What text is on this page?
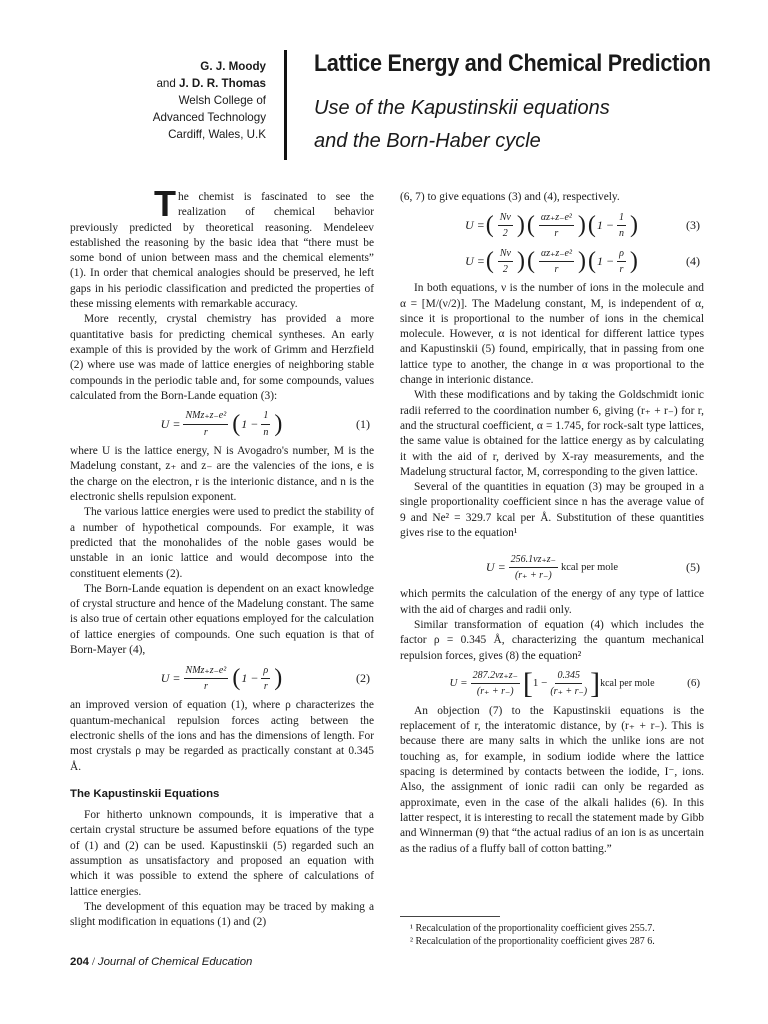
G. J. Moody
and J. D. R. Thomas
Welsh College of
Advanced Technology
Cardiff, Wales, U.K
Lattice Energy and Chemical Prediction
Use of the Kapustinskii equations
and the Born-Haber cycle

The chemist is fascinated to see the realization of chemical behavior previously predicted by theoretical reasoning. Mendeleev established the reasoning by the basic idea that “there must be some bond of union between mass and the chemical elements” (1). In order that chemical analogies should be preserved, he left gaps in his periodic classification and predicted the properties of these missing elements with remarkable accuracy.

More recently, crystal chemistry has provided a more quantitative basis for predicting chemical syntheses. An early example of this is provided by the work of Grimm and Herzfield (2) where use was made of lattice energies of neighboring stable compounds in the periodic table and, for some compounds, values calculated from the Born-Lande equation (3):

$U = \frac{\text{NMz₊z₋e²}}{r}$ ( $1 - \frac{1}{n}$ )	(1)

where U is the lattice energy, N is Avogadro's number, M is the Madelung constant, z₊ and z₋ are the valencies of the ions, e is the charge on the electron, r is the interionic distance, and n is the electronic shells repulsion exponent.

The various lattice energies were used to predict the stability of a number of hypothetical compounds. For example, it was predicted that the monohalides of the noble gases would be unstable in an ionic lattice and would decompose into the constituent elements (2).

The Born-Lande equation is dependent on an exact knowledge of crystal structure and hence of the Madelung constant. The same is also true of certain other equations employed for the calculation of lattice energies of compounds. One such equation is that of Born-Mayer (4),

$U = \frac{\text{NMz₊z₋e²}}{r}$ ( $1 - \frac{\rho}{r}$ )	(2)

an improved version of equation (1), where ρ characterizes the quantum-mechanical repulsion forces acting between the electronic shells of the ions and has the dimensions of length. For most crystals ρ may be regarded as practically constant at 0.345 Å.

The Kapustinskii Equations

For hitherto unknown compounds, it is imperative that a certain crystal structure be assumed before equations of the type of (1) and (2) can be used. Kapustinskii (5) regarded such an assumption as unsatisfactory and proposed an equation with which it was possible to extend the sphere of calculations of lattice energies.

The development of this equation may be traced by making a slight modification in equations (1) and (2)

(6, 7) to give equations (3) and (4), respectively.

U = ( $\frac{N\nu}{2}$ ) ( $\frac{\text{αz₊z₋e²}}{r}$ ) ( $1 - \frac{1}{n}$ )	(3)
U = ( $\frac{N\nu}{2}$ ) ( $\frac{\text{αz₊z₋e²}}{r}$ ) ( $1 - \frac{\rho}{r}$ )	(4)

In both equations, ν is the number of ions in the molecule and α = [M/(ν/2)]. The Madelung constant, M, is independent of α, since it is proportional to the number of ions in the chemical molecule. However, α is not identical for different lattice types and Kapustinskii (5) found, empirically, that in passing from one lattice type to another, the change in α was proportional to the change in interionic distance.

With these modifications and by taking the Goldschmidt ionic radii referred to the coordination number 6, giving (r₊ + r₋) for r, and the structural coefficient, α = 1.745, for rock-salt type lattices, the same value is obtained for the lattice energy as by calculating it with the aid of r, derived by X-ray measurements, and the Madelung structural factor, M, corresponding to the given lattice.

Several of the quantities in equation (3) may be grouped in a single proportionality coefficient since n has the average value of 9 and Ne² = 329.7 kcal per Å. Substitution of these quantities gives rise to the equation¹

$U = \frac{256.1\nu z_+z_-}{(r_+ + r_-)}$ kcal per mole	(5)

which permits the calculation of the energy of any type of lattice with the aid of charges and radii only.

Similar transformation of equation (4) which includes the factor ρ = 0.345 Å, characterizing the quantum mechanical repulsion forces, gives (8) the equation²

$U = \frac{287.2\nu z_+z_-}{(r_+ + r_-)}$ [ $1 - \frac{0.345}{(r_+ + r_-)}$ ] kcal per mole	(6)

An objection (7) to the Kapustinskii equations is the replacement of r, the interatomic distance, by (r₊ + r₋). This is because there are many salts in which the unlike ions are not touching as, for example, in sodium iodide where the lattice spacing is determined by contacts between the iodide, I⁻, ions. Also, the assignment of ionic radii can only be regarded as approximate, even in the case of the alkali halides (6). In this latter respect, it is interesting to recall the statement made by Gibb and Winnerman (9) that “the actual radius of an ion is as uncertain as the radius of a fluffy ball of cotton batting.”

¹ Recalculation of the proportionality coefficient gives 255.7.
² Recalculation of the proportionality coefficient gives 287 6.
204 / Journal of Chemical Education
